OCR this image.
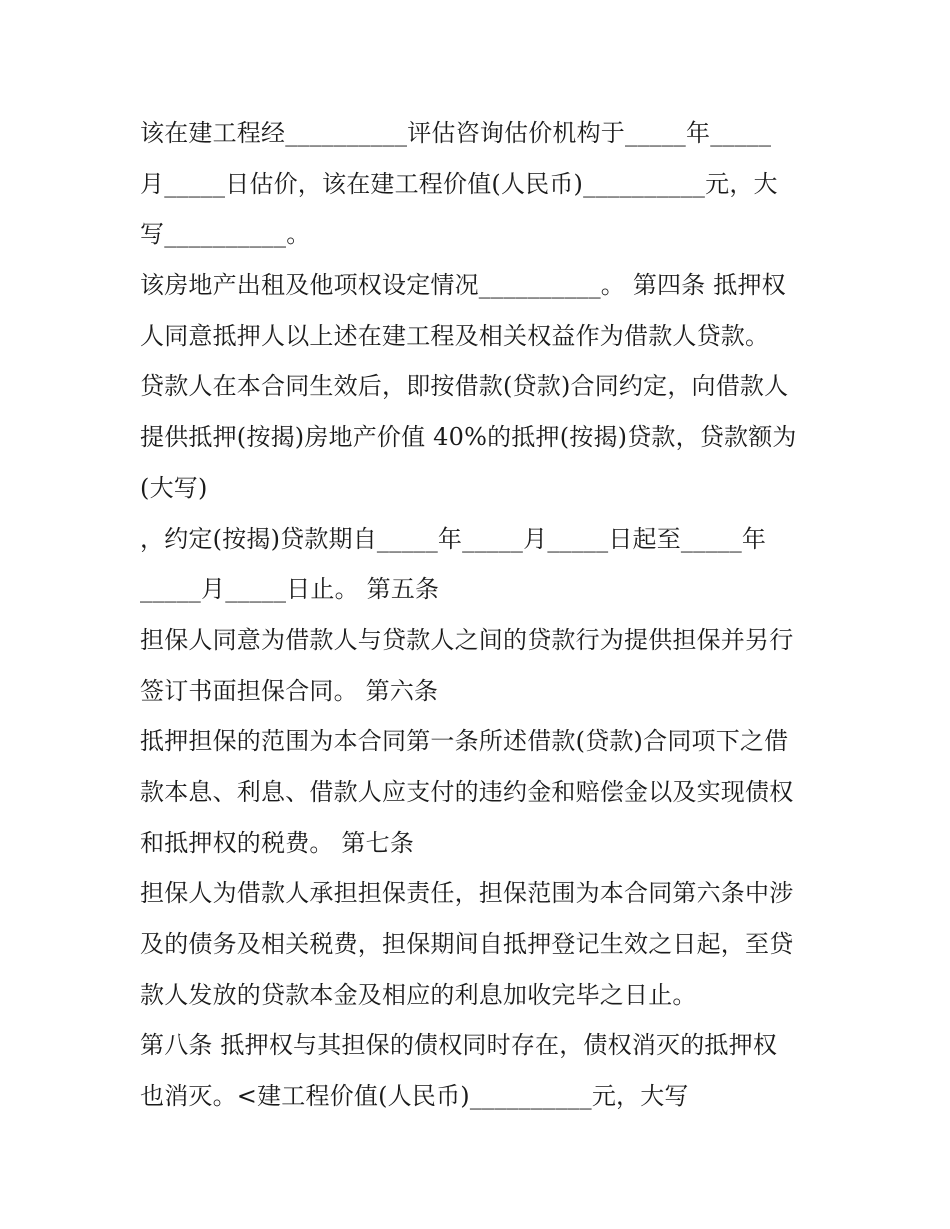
该在建工程经__________评估咨询估价机构于_____年_____
月_____日估价，该在建工程价值(人民币)__________元，大
写__________。
该房地产出租及他项权设定情况__________。 第四条 抵押权
人同意抵押人以上述在建工程及相关权益作为借款人贷款。
贷款人在本合同生效后，即按借款(贷款)合同约定，向借款人
提供抵押(按揭)房地产价值 40%的抵押(按揭)贷款，贷款额为
(大写)
，约定(按揭)贷款期自_____年_____月_____日起至_____年
_____月_____日止。 第五条
担保人同意为借款人与贷款人之间的贷款行为提供担保并另行
签订书面担保合同。 第六条
抵押担保的范围为本合同第一条所述借款(贷款)合同项下之借
款本息、利息、借款人应支付的违约金和赔偿金以及实现债权
和抵押权的税费。 第七条
担保人为借款人承担担保责任，担保范围为本合同第六条中涉
及的债务及相关税费，担保期间自抵押登记生效之日起，至贷
款人发放的贷款本金及相应的利息加收完毕之日止。
第八条 抵押权与其担保的债权同时存在，债权消灭的抵押权
也消灭。<建工程价值(人民币)__________元，大写
